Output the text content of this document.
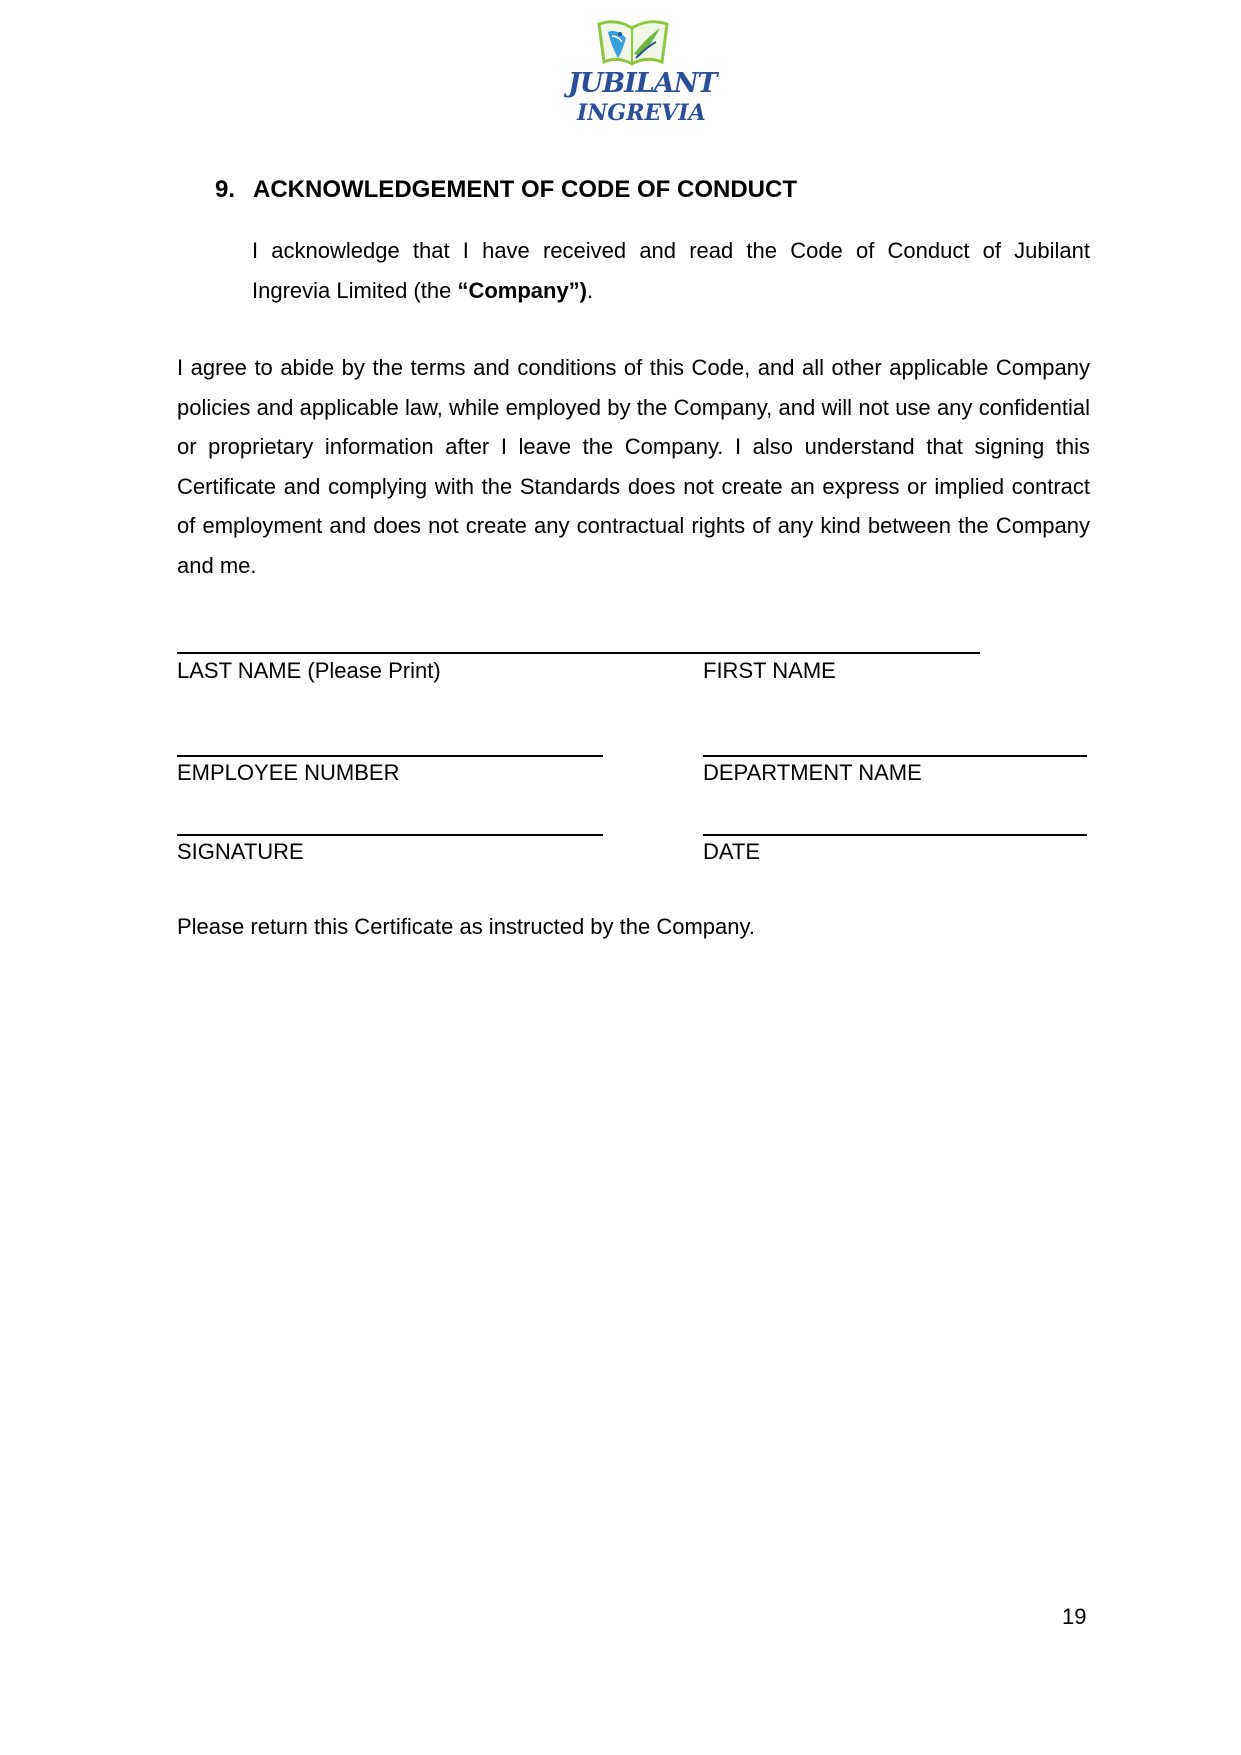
JUBILANT
INGREVIA
9. ACKNOWLEDGEMENT OF CODE OF CONDUCT
I acknowledge that I have received and read the Code of Conduct of Jubilant
Ingrevia Limited (the “Company”).
I agree to abide by the terms and conditions of this Code, and all other applicable Company policies and applicable law, while employed by the Company, and will not use any confidential or proprietary information after I leave the Company. I also understand that signing this Certificate and complying with the Standards does not create an express or implied contract of employment and does not create any contractual rights of any kind between the Company and me.
LAST NAME (Please Print)	FIRST NAME
EMPLOYEE NUMBER	DEPARTMENT NAME
SIGNATURE	DATE
Please return this Certificate as instructed by the Company.
19
